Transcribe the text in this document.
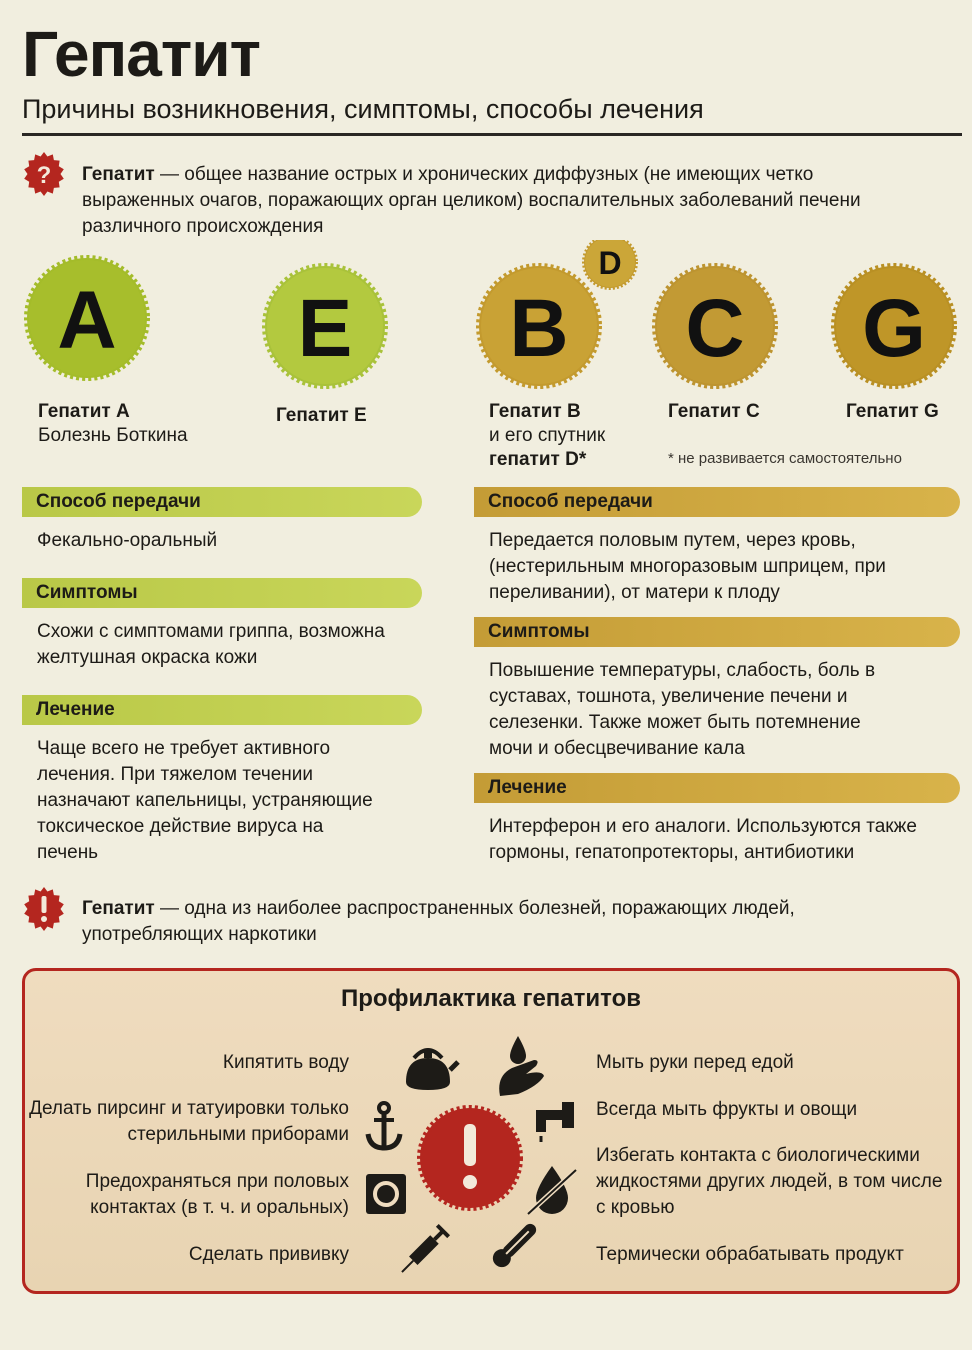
Гепатит
Причины возникновения, симптомы, способы лечения
? Гепатит — общее название острых и хронических диффузных (не имеющих четко выраженных очагов, поражающих орган целиком) воспалительных заболеваний печени различного происхождения
A E B
D
C G
Гепатит А
Болезнь Боткина
Гепатит Е	Гепатит В
и его спутник
гепатит D*
Гепатит С	Гепатит G
* не развивается самостоятельно
Способ передачи
Фекально-оральный
Симптомы
Схожи с симптомами гриппа, возможна желтушная окраска кожи
Лечение
Чаще всего не требует активного лечения. При тяжелом течении назначают капельницы, устраняющие токсическое действие вируса на печень
Способ передачи
Передается половым путем, через кровь, (нестерильным многоразовым шприцем, при переливании), от матери к плоду
Симптомы
Повышение температуры, слабость, боль в суставах, тошнота, увеличение печени и селезенки. Также может быть потемнение мочи и обесцвечивание кала
Лечение
Интерферон и его аналоги. Используются также гормоны, гепатопротекторы, антибиотики
Гепатит — одна из наиболее распространенных болезней, поражающих людей, употребляющих наркотики
Профилактика гепатитов
Кипятить воду
Делать пирсинг и татуировки только стерильными приборами
Предохраняться при половых контактах (в т. ч. и оральных)
Сделать прививку
Мыть руки перед едой
Всегда мыть фрукты и овощи
Избегать контакта с биологическими жидкостями других людей, в том числе с кровью
Термически обрабатывать продукт
